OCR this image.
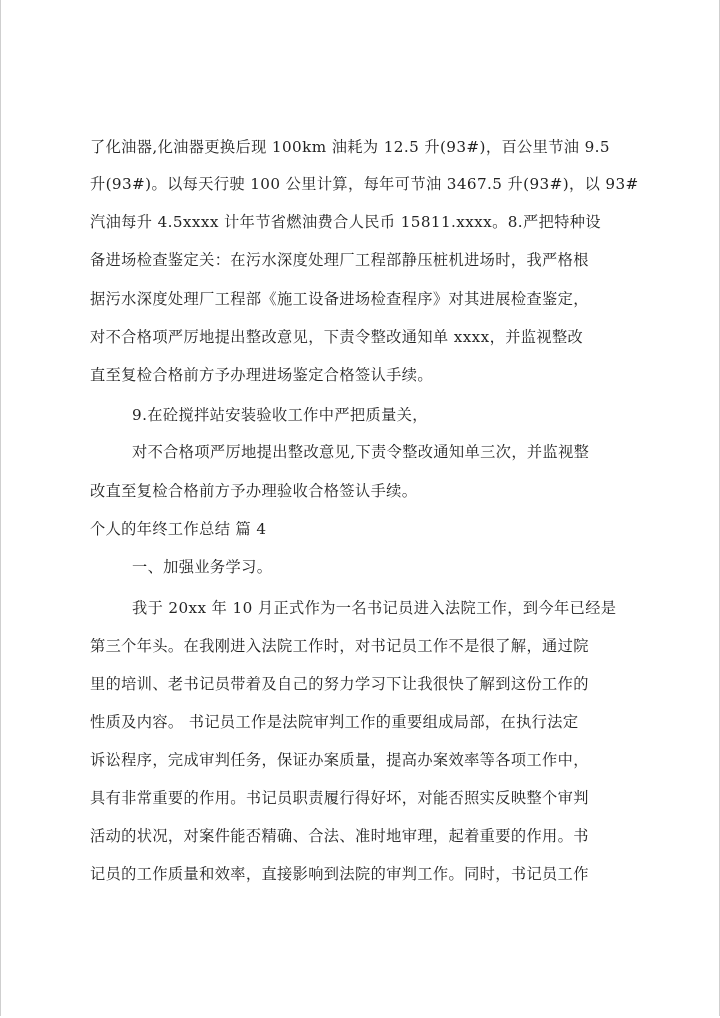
了化油器,化油器更换后现 100km 油耗为 12.5 升(93#)，百公里节油 9.5
升(93#)。以每天行驶 100 公里计算，每年可节油 3467.5 升(93#)，以 93#
汽油每升 4.5xxxx 计年节省燃油费合人民币 15811.xxxx。8.严把特种设
备进场检查鉴定关：在污水深度处理厂工程部静压桩机进场时，我严格根
据污水深度处理厂工程部《施工设备进场检查程序》对其进展检查鉴定，
对不合格项严厉地提出整改意见，下责令整改通知单 xxxx，并监视整改
直至复检合格前方予办理进场鉴定合格签认手续。
9.在砼搅拌站安装验收工作中严把质量关，
对不合格项严厉地提出整改意见,下责令整改通知单三次，并监视整
改直至复检合格前方予办理验收合格签认手续。
个人的年终工作总结 篇 4
一、加强业务学习。
我于 20xx 年 10 月正式作为一名书记员进入法院工作，到今年已经是
第三个年头。在我刚进入法院工作时，对书记员工作不是很了解，通过院
里的培训、老书记员带着及自己的努力学习下让我很快了解到这份工作的
性质及内容。 书记员工作是法院审判工作的重要组成局部，在执行法定
诉讼程序，完成审判任务，保证办案质量，提高办案效率等各项工作中，
具有非常重要的作用。书记员职责履行得好坏，对能否照实反映整个审判
活动的状况，对案件能否精确、合法、准时地审理，起着重要的作用。书
记员的工作质量和效率，直接影响到法院的审判工作。同时，书记员工作
